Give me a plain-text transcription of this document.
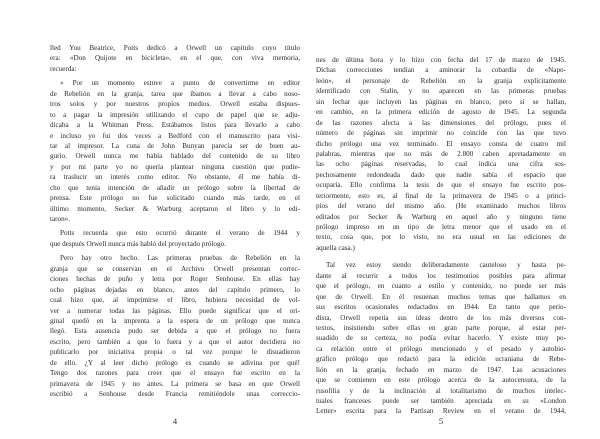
lled You Beatrice, Potts dedicó a Orwell un capítulo cuyo título
era: «Don Quijote en bicicleta», en el que, con viva memoria,
recuerda:
« Por un momento estuve a punto de convertirme en editor
de Rebelión en la granja, tarea que íbamos a llevar a cabo noso-
tros solos y por nuestros propios medios. Orwell estaba dispues-
to a pagar la impresión utilizando el cupo de papel que se adju-
dicaba a la Whitman Press. Estábamos listos para llevarlo a cabo
e incluso yo fui dos veces a Bedford con el manuscrito para visi-
tar al impresor. La cuna de John Bunyan parecía ser de buen au-
gurio. Orwell nunca me había hablado del contenido de su libro
y por mi parte yo no quería plantear ninguna cuestión que pudie-
ra traslucir un interés como editor. No obstante, él me había di-
cho que tenía intención de añadir un prólogo sobre la libertad de
prensa. Este prólogo no fue solicitado cuando más tarde, en el
último momento, Secker & Warburg aceptaron el libro y lo edi-
taron».
Potts recuerda que esto ocurrió durante el verano de 1944 y
que después Orwell nunca más habló del proyectado prólogo.
Pero hay otro hecho. Las primeras pruebas de Rebelión en la
granja que se conservan en el Archivo Orwell presentan correc-
ciones hechas de puño y letra por Roger Senhouse. En ellas hay
ocho páginas dejadas en blanco, antes del capítulo primero, lo
cual hizo que, al imprimirse el libro, hubiera necesidad de vol-
ver a numerar todas las páginas. Ello puede significar que el ori-
ginal quedó en la imprenta a la espera de un prólogo que nunca
llegó. Esta ausencia pudo ser debida a que el prólogo no fuera
escrito, pero también a que lo fuera y a que el autor decidiera no
publicarlo por iniciativa propia o tal vez porque le disuadieron
de ello. ¿Y al leer dicho prólogo es cuando se adivina por qué!
Tengo dos razones para creer que el ensayo fue escrito en la
primavera de 1945 y no antes. La primera se basa en que Orwell
escribió a Senhouse desde Francia remitiéndole unas correccio-
4
nes de última hora y lo hizo con fecha del 17 de marzo de 1945.
Dichas correcciones tendían a aminorar la cobardía de «Napo-
león», el personaje de Rebelión en la granja explícitamente
identificado con Stalin, y no aparecen en las primeras pruebas
sin fechar que incluyen las páginas en blanco, pero sí se hallan,
en cambio, en la primera edición de agosto de 1945. La segunda
de las razones afecta a las dimensiones del prólogo, pues el
número de páginas sin imprimir no coincide con las que tuvo
dicho prólogo una vez terminado. El ensayo consta de cuatro mil
palabras, mientras que no más de 2.800 caben apretadamente en
las ocho páginas reservadas, lo cual indica una cifra sos-
pechosamente redondeada dado que nadie sabía el espacio que
ocuparía. Ello confirma la tesis de que el ensayo fue escrito pos-
teriormente, esto es, al final de la primavera de 1945 o a princi-
pios del verano del mismo año. (He examinado muchos libros
editados por Secker & Warburg en aquel año y ninguno tiene
prólogo impreso en un tipo de letra menor que el usado en el
texto, cosa que, por lo visto, no era usual en las ediciones de
aquella casa.)
Tal vez estoy siendo deliberadamente cauteloso y hasta pe-
dante al recurrir a todos los testimonios posibles para afirmar
que el prólogo, en cuanto a estilo y contenido, no puede ser más
que de Orwell. En él resuenan muchos temas que hallamos en
sus escritos ocasionales redactados en 1944. En tanto que perio-
dista, Orwell repetía sus ideas dentro de los más diversos con-
textos, insistiendo sobre ellas en gran parte porque, al estar per-
suadido de su certeza, no podía evitar hacerlo. Y existe muy po-
ca relación entre el prólogo mencionado y el pesado y autobio-
gráfico prólogo que redactó para la edición ucraniana de Rebe-
lión en la granja, fechado en marzo de 1947. Las acusaciones
que se contienen en este prólogo acerca de la autocensura, de la
rusofilia y de la inclinación al totalitarismo de muchos intelec-
tuales franceses puede ser también apreciada en su «London
Letter» escrita para la Partisan Review en el verano de 1944,
5
